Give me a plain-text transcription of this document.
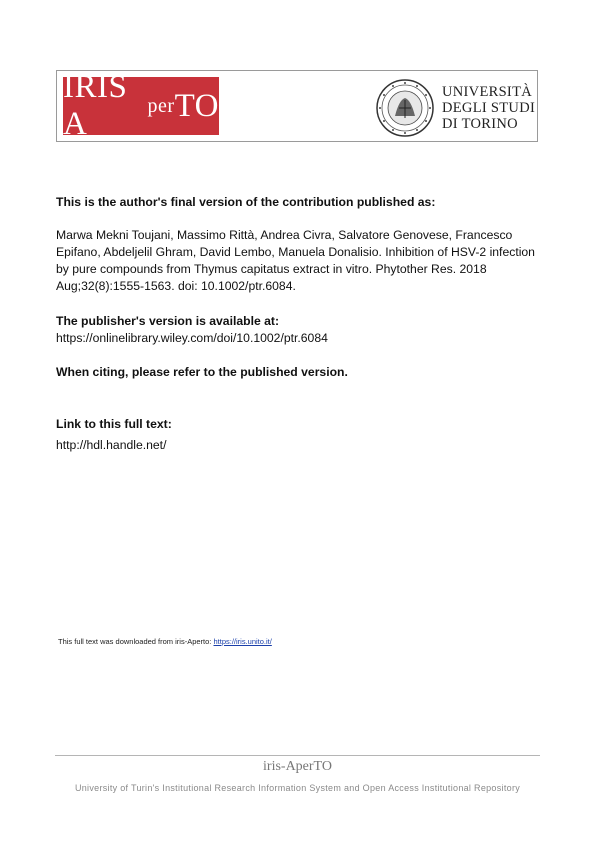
IRIS A
per TO	UNIVERSITÀ
DEGLI STUDI
DI TORINO
This is the author's final version of the contribution published as:
Marwa Mekni Toujani, Massimo Rittà, Andrea Civra, Salvatore Genovese, Francesco Epifano, Abdeljelil Ghram, David Lembo, Manuela Donalisio. Inhibition of HSV-2 infection by pure compounds from Thymus capitatus extract in vitro. Phytother Res. 2018 Aug;32(8):1555-1563. doi: 10.1002/ptr.6084.
The publisher's version is available at:
https://onlinelibrary.wiley.com/doi/10.1002/ptr.6084
When citing, please refer to the published version.
Link to this full text:
http://hdl.handle.net/
This full text was downloaded from iris-Aperto: https://iris.unito.it/
iris-AperTO
University of Turin's Institutional Research Information System and Open Access Institutional Repository
